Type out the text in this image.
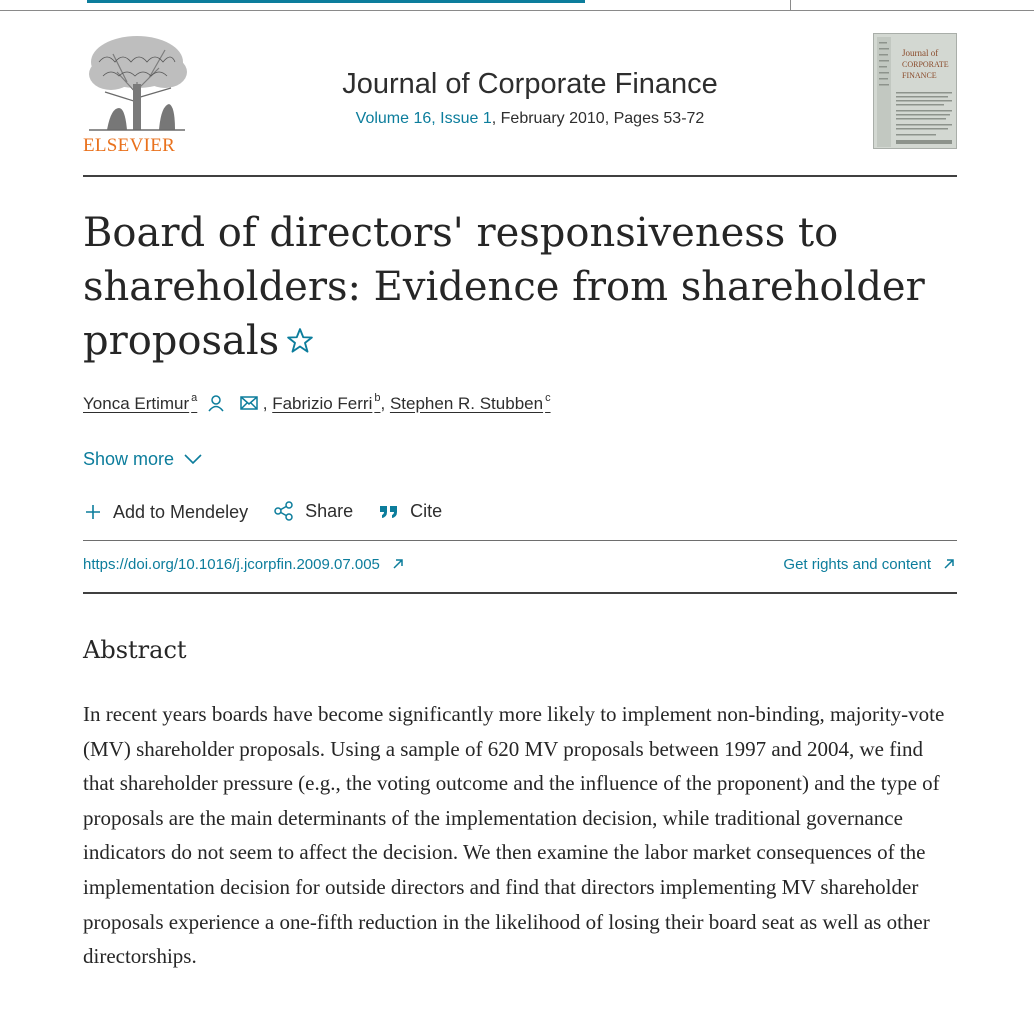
ELSEVIER
Journal of Corporate Finance
Volume 16, Issue 1, February 2010, Pages 53-72
Journal of
CORPORATE
FINANCE
Board of directors' responsiveness to shareholders: Evidence from shareholder proposals
Yonca Ertimur $^a$	, Fabrizio Ferri $^b$, Stephen R. Stubben $^c$
Show more
Add to Mendeley
	Share
	Cite
https://doi.org/10.1016/j.jcorpfin.2009.07.005	Get rights and content
Abstract

In recent years boards have become significantly more likely to implement non-binding, majority-vote (MV) shareholder proposals. Using a sample of 620 MV proposals between 1997 and 2004, we find that shareholder pressure (e.g., the voting outcome and the influence of the proponent) and the type of proposals are the main determinants of the implementation decision, while traditional governance indicators do not seem to affect the decision. We then examine the labor market consequences of the implementation decision for outside directors and find that directors implementing MV shareholder proposals experience a one-fifth reduction in the likelihood of losing their board seat as well as other directorships.
